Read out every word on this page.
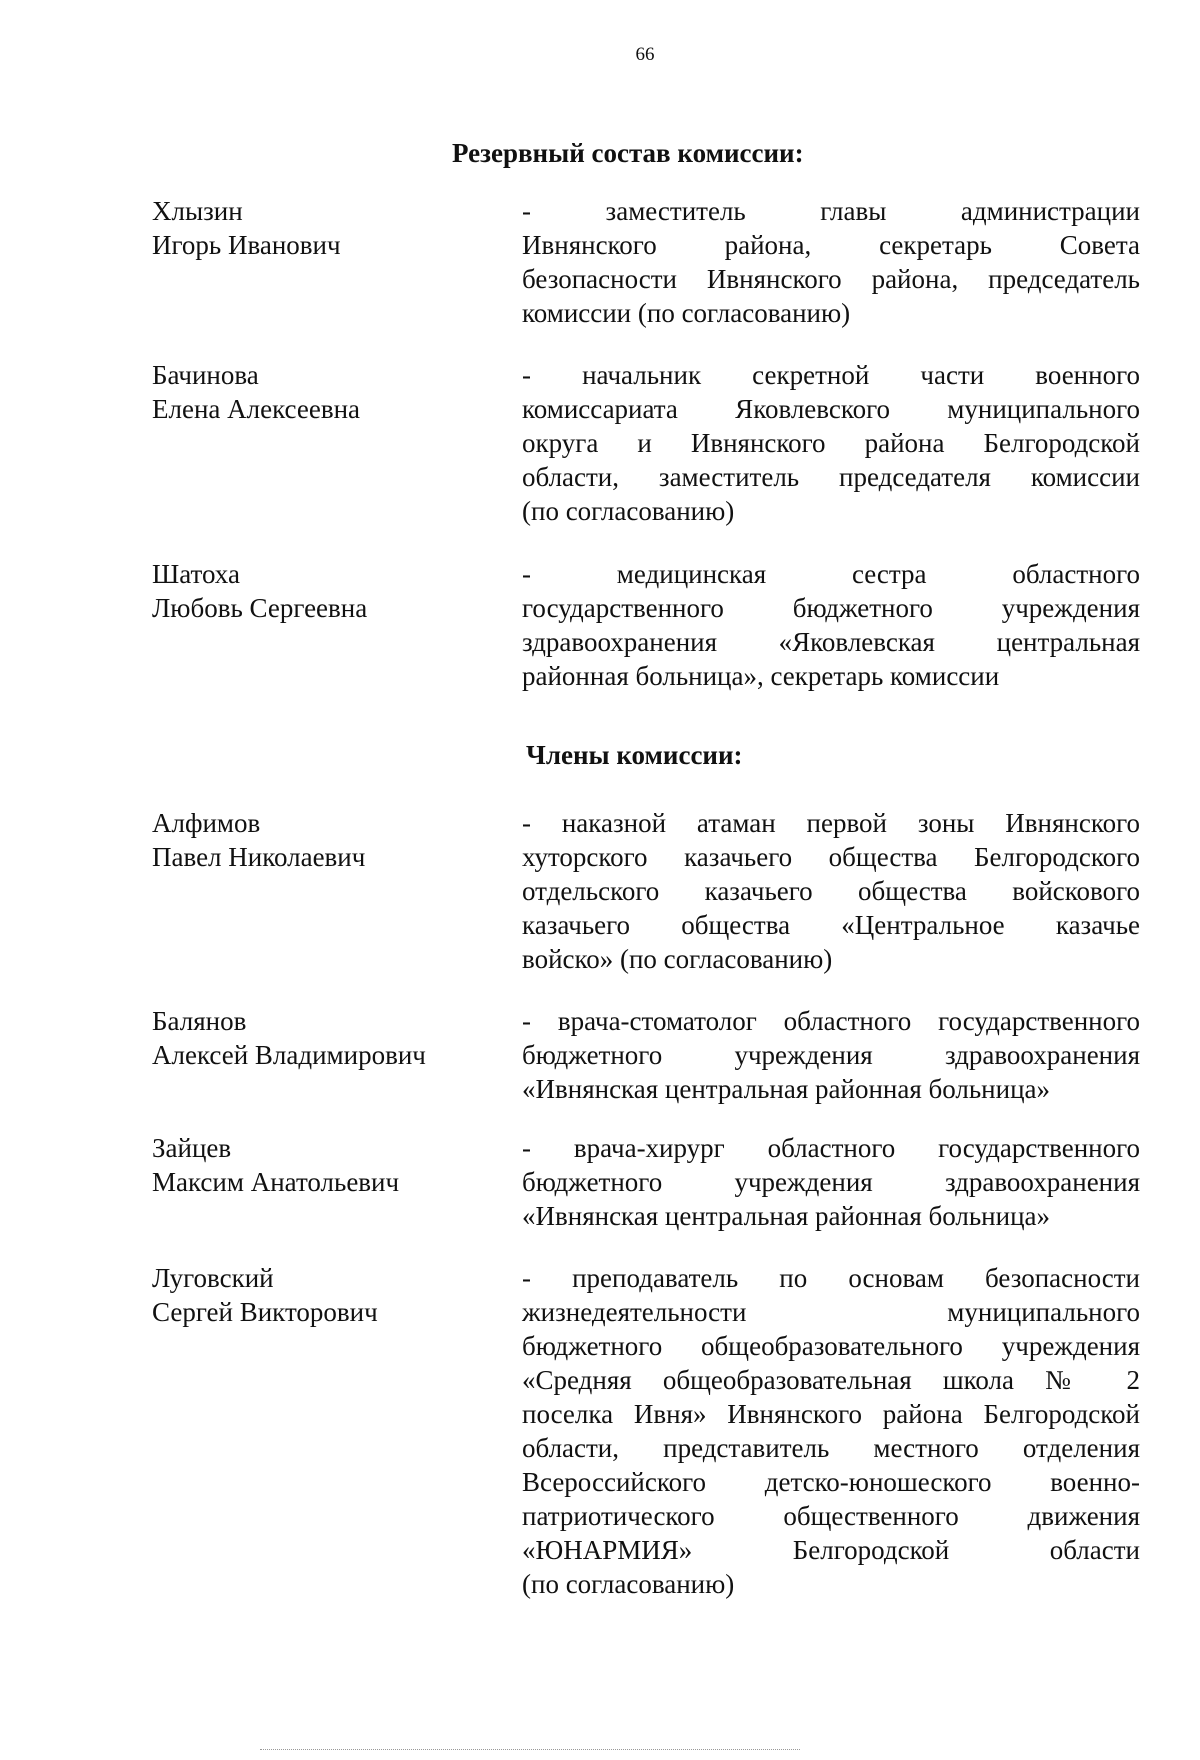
66
Резервный состав комиссии:
Хлызин
Игорь Иванович
- заместитель главы администрации
Ивнянского района, секретарь Совета
безопасности Ивнянского района, председатель
комиссии (по согласованию)
Бачинова
Елена Алексеевна
- начальник секретной части военного
комиссариата Яковлевского муниципального
округа и Ивнянского района Белгородской
области, заместитель председателя комиссии
(по согласованию)
Шатоха
Любовь Сергеевна
- медицинская сестра областного
государственного бюджетного учреждения
здравоохранения «Яковлевская центральная
районная больница», секретарь комиссии
Члены комиссии:
Алфимов
Павел Николаевич
- наказной атаман первой зоны Ивнянского
хуторского казачьего общества Белгородского
отдельского казачьего общества войскового
казачьего общества «Центральное казачье
войско» (по согласованию)
Балянов
Алексей Владимирович
- врача-стоматолог областного государственного
бюджетного учреждения здравоохранения
«Ивнянская центральная районная больница»
Зайцев
Максим Анатольевич
- врача-хирург областного государственного
бюджетного учреждения здравоохранения
«Ивнянская центральная районная больница»
Луговский
Сергей Викторович
- преподаватель по основам безопасности
жизнедеятельности муниципального
бюджетного общеобразовательного учреждения
«Средняя общеобразовательная школа № 2
поселка Ивня» Ивнянского района Белгородской
области, представитель местного отделения
Всероссийского детско-юношеского военно-
патриотического общественного движения
«ЮНАРМИЯ» Белгородской области
(по согласованию)
